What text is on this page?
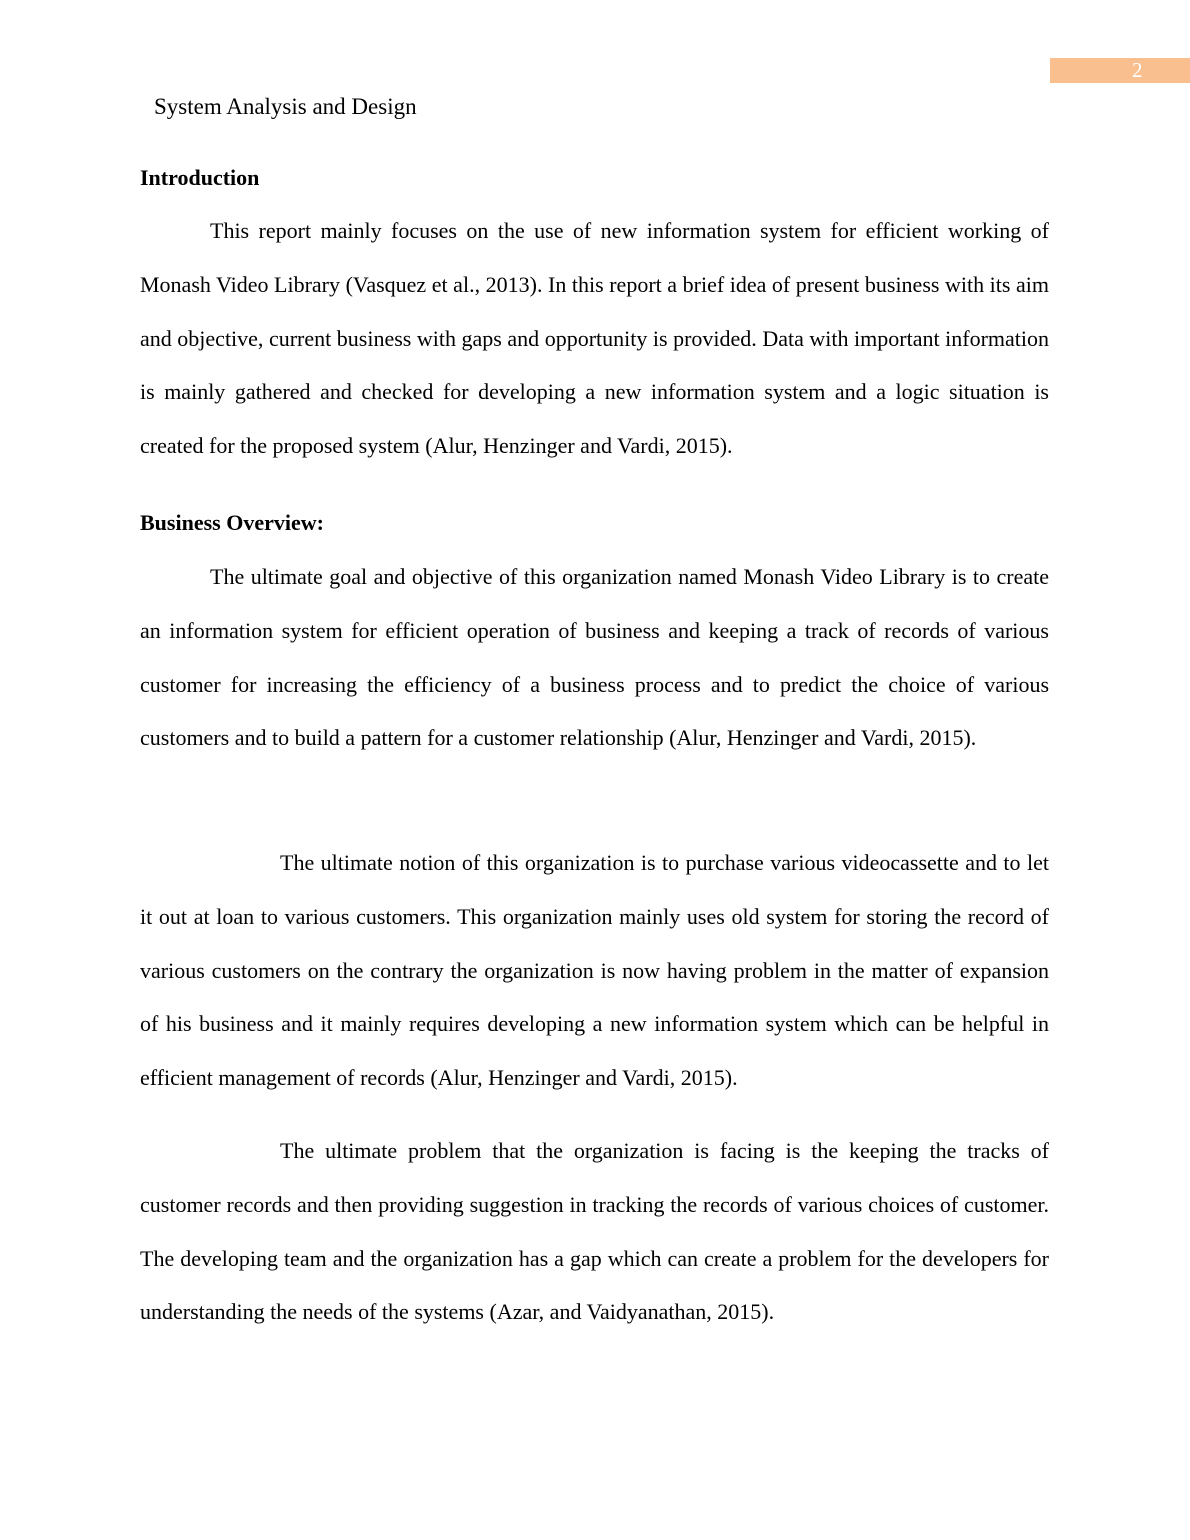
2
System Analysis and Design
Introduction

This report mainly focuses on the use of new information system for efficient working of Monash Video Library (Vasquez et al., 2013). In this report a brief idea of present business with its aim and objective, current business with gaps and opportunity is provided. Data with important information is mainly gathered and checked for developing a new information system and a logic situation is created for the proposed system (Alur, Henzinger and Vardi, 2015).

Business Overview:

The ultimate goal and objective of this organization named Monash Video Library is to create an information system for efficient operation of business and keeping a track of records of various customer for increasing the efficiency of a business process and to predict the choice of various customers and to build a pattern for a customer relationship (Alur, Henzinger and Vardi, 2015).

The ultimate notion of this organization is to purchase various videocassette and to let it out at loan to various customers. This organization mainly uses old system for storing the record of various customers on the contrary the organization is now having problem in the matter of expansion of his business and it mainly requires developing a new information system which can be helpful in efficient management of records (Alur, Henzinger and Vardi, 2015).

The ultimate problem that the organization is facing is the keeping the tracks of customer records and then providing suggestion in tracking the records of various choices of customer. The developing team and the organization has a gap which can create a problem for the developers for understanding the needs of the systems (Azar, and Vaidyanathan, 2015).
